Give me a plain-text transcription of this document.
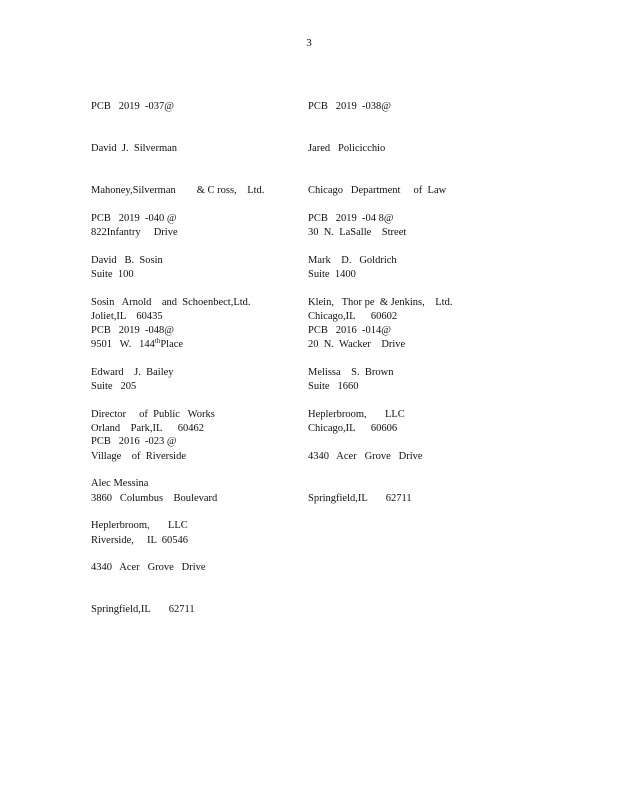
3

PCB   2019  -037@

David  J.  Silverman

Mahoney,Silverman        & C ross,    Ltd.

822Infantry     Drive

Suite  100

Joliet,IL    60435

PCB   2019  -038@

Jared   Policicchio

Chicago   Department     of  Law

30  N.  LaSalle    Street

Suite  1400

Chicago,IL      60602

PCB   2019  -040 @

David   B.  Sosin

Sosin   Arnold    and  Schoenbect,Ltd.

9501   W.   144thPlace

Suite   205

Orland    Park,IL      60462

PCB   2019  -04 8@

Mark    D.   Goldrich

Klein,   Thor pe  & Jenkins,    Ltd.

20  N.  Wacker    Drive

Suite   1660

Chicago,IL      60606

PCB   2019  -048@

Edward    J.  Bailey

Director     of  Public   Works

Village    of  Riverside

3860   Columbus    Boulevard

Riverside,     IL  60546

PCB   2016  -014@

Melissa    S.  Brown

Heplerbroom,       LLC

4340   Acer   Grove   Drive

Springfield,IL       62711

PCB   2016  -023 @

Alec Messina

Heplerbroom,       LLC

4340   Acer   Grove   Drive

Springfield,IL       62711
